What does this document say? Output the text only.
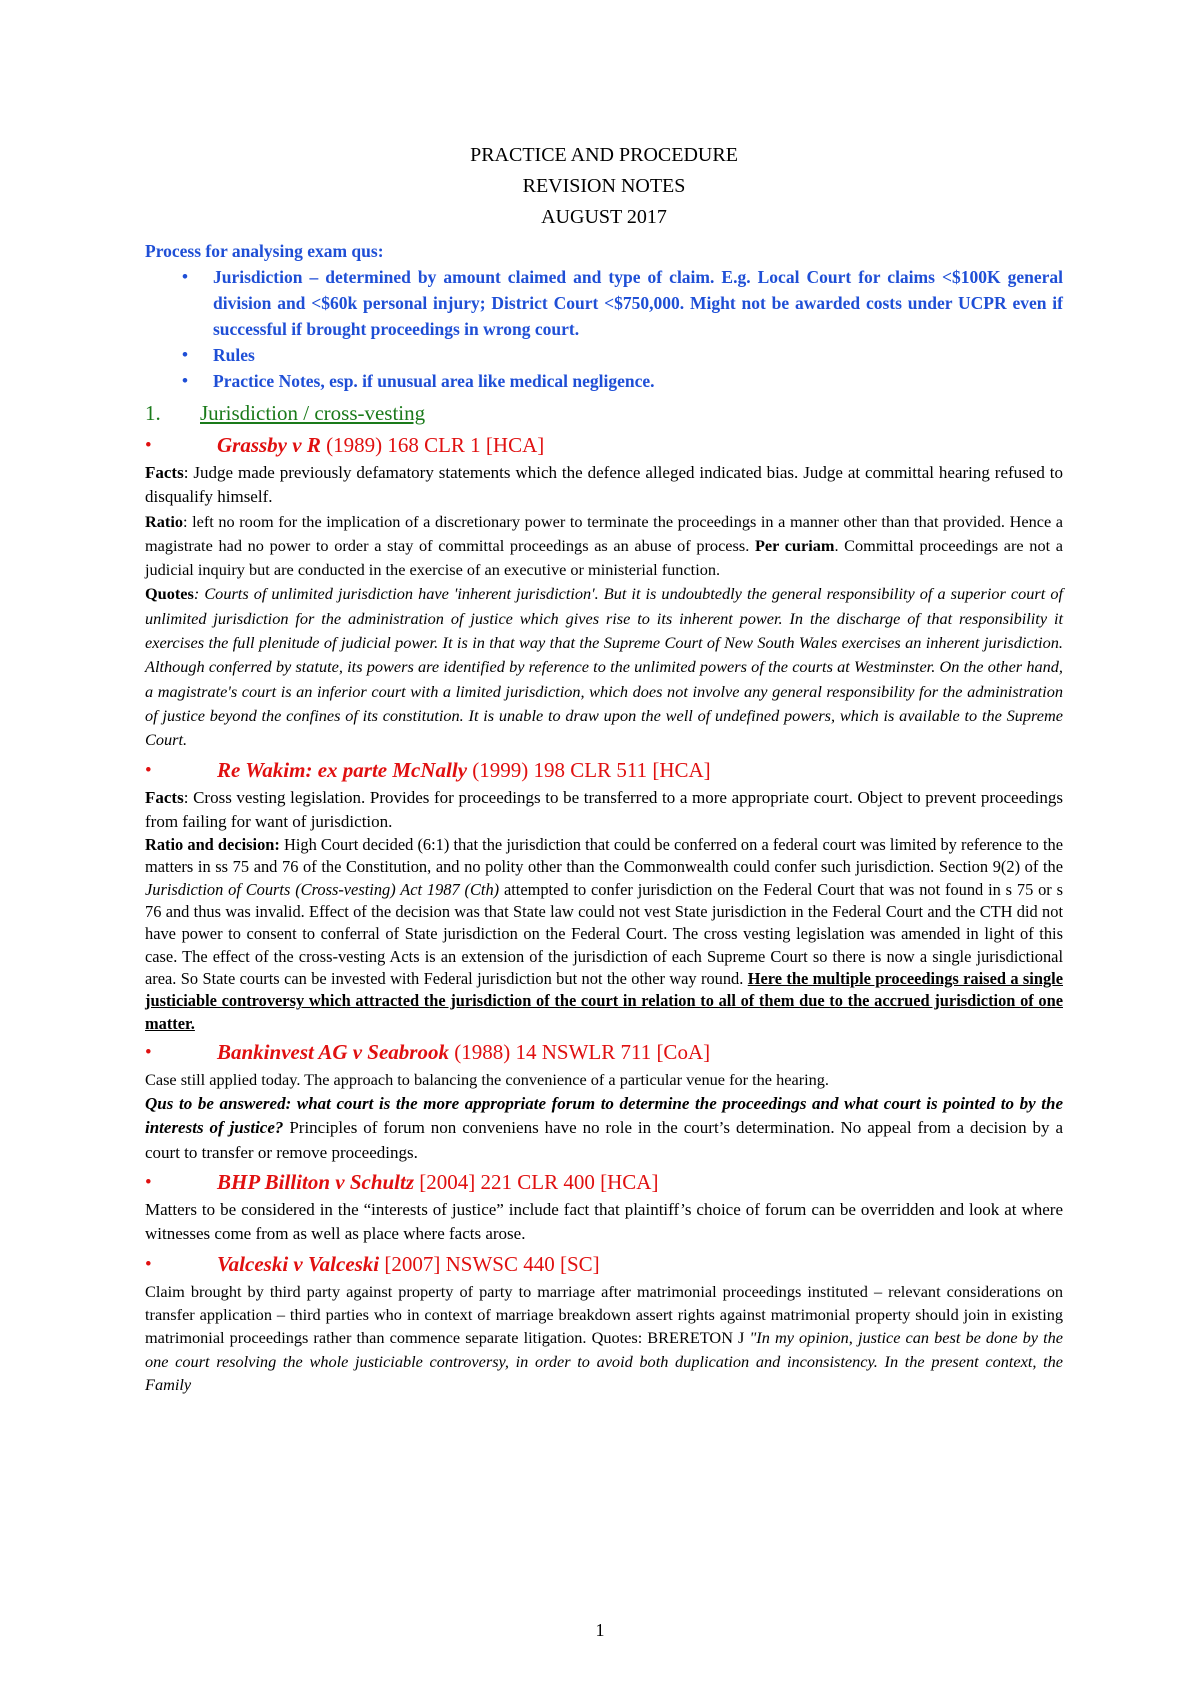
PRACTICE AND PROCEDURE
REVISION NOTES
AUGUST 2017
Process for analysing exam qus:
• Jurisdiction – determined by amount claimed and type of claim. E.g. Local Court for claims <$100K general division and <$60k personal injury; District Court <$750,000. Might not be awarded costs under UCPR even if successful if brought proceedings in wrong court.
• Rules
• Practice Notes, esp. if unusual area like medical negligence.
1. Jurisdiction / cross-vesting
•	Grassby v R (1989) 168 CLR 1 [HCA]

Facts: Judge made previously defamatory statements which the defence alleged indicated bias. Judge at committal hearing refused to disqualify himself.

Ratio: left no room for the implication of a discretionary power to terminate the proceedings in a manner other than that provided. Hence a magistrate had no power to order a stay of committal proceedings as an abuse of process. Per curiam. Committal proceedings are not a judicial inquiry but are conducted in the exercise of an executive or ministerial function.

Quotes: Courts of unlimited jurisdiction have 'inherent jurisdiction'. But it is undoubtedly the general responsibility of a superior court of unlimited jurisdiction for the administration of justice which gives rise to its inherent power. In the discharge of that responsibility it exercises the full plenitude of judicial power. It is in that way that the Supreme Court of New South Wales exercises an inherent jurisdiction. Although conferred by statute, its powers are identified by reference to the unlimited powers of the courts at Westminster. On the other hand, a magistrate's court is an inferior court with a limited jurisdiction, which does not involve any general responsibility for the administration of justice beyond the confines of its constitution. It is unable to draw upon the well of undefined powers, which is available to the Supreme Court.

•	Re Wakim: ex parte McNally (1999) 198 CLR 511 [HCA]

Facts: Cross vesting legislation. Provides for proceedings to be transferred to a more appropriate court. Object to prevent proceedings from failing for want of jurisdiction.

Ratio and decision: High Court decided (6:1) that the jurisdiction that could be conferred on a federal court was limited by reference to the matters in ss 75 and 76 of the Constitution, and no polity other than the Commonwealth could confer such jurisdiction. Section 9(2) of the Jurisdiction of Courts (Cross-vesting) Act 1987 (Cth) attempted to confer jurisdiction on the Federal Court that was not found in s 75 or s 76 and thus was invalid. Effect of the decision was that State law could not vest State jurisdiction in the Federal Court and the CTH did not have power to consent to conferral of State jurisdiction on the Federal Court. The cross vesting legislation was amended in light of this case. The effect of the cross-vesting Acts is an extension of the jurisdiction of each Supreme Court so there is now a single jurisdictional area. So State courts can be invested with Federal jurisdiction but not the other way round. Here the multiple proceedings raised a single justiciable controversy which attracted the jurisdiction of the court in relation to all of them due to the accrued jurisdiction of one matter.

•	Bankinvest AG v Seabrook (1988) 14 NSWLR 711 [CoA]

Case still applied today. The approach to balancing the convenience of a particular venue for the hearing.

Qus to be answered: what court is the more appropriate forum to determine the proceedings and what court is pointed to by the interests of justice? Principles of forum non conveniens have no role in the court’s determination. No appeal from a decision by a court to transfer or remove proceedings.

•	BHP Billiton v Schultz [2004] 221 CLR 400 [HCA]

Matters to be considered in the “interests of justice” include fact that plaintiff’s choice of forum can be overridden and look at where witnesses come from as well as place where facts arose.

•	Valceski v Valceski [2007] NSWSC 440 [SC]

Claim brought by third party against property of party to marriage after matrimonial proceedings instituted – relevant considerations on transfer application – third parties who in context of marriage breakdown assert rights against matrimonial property should join in existing matrimonial proceedings rather than commence separate litigation. Quotes: BRERETON J "In my opinion, justice can best be done by the one court resolving the whole justiciable controversy, in order to avoid both duplication and inconsistency. In the present context, the Family

1
